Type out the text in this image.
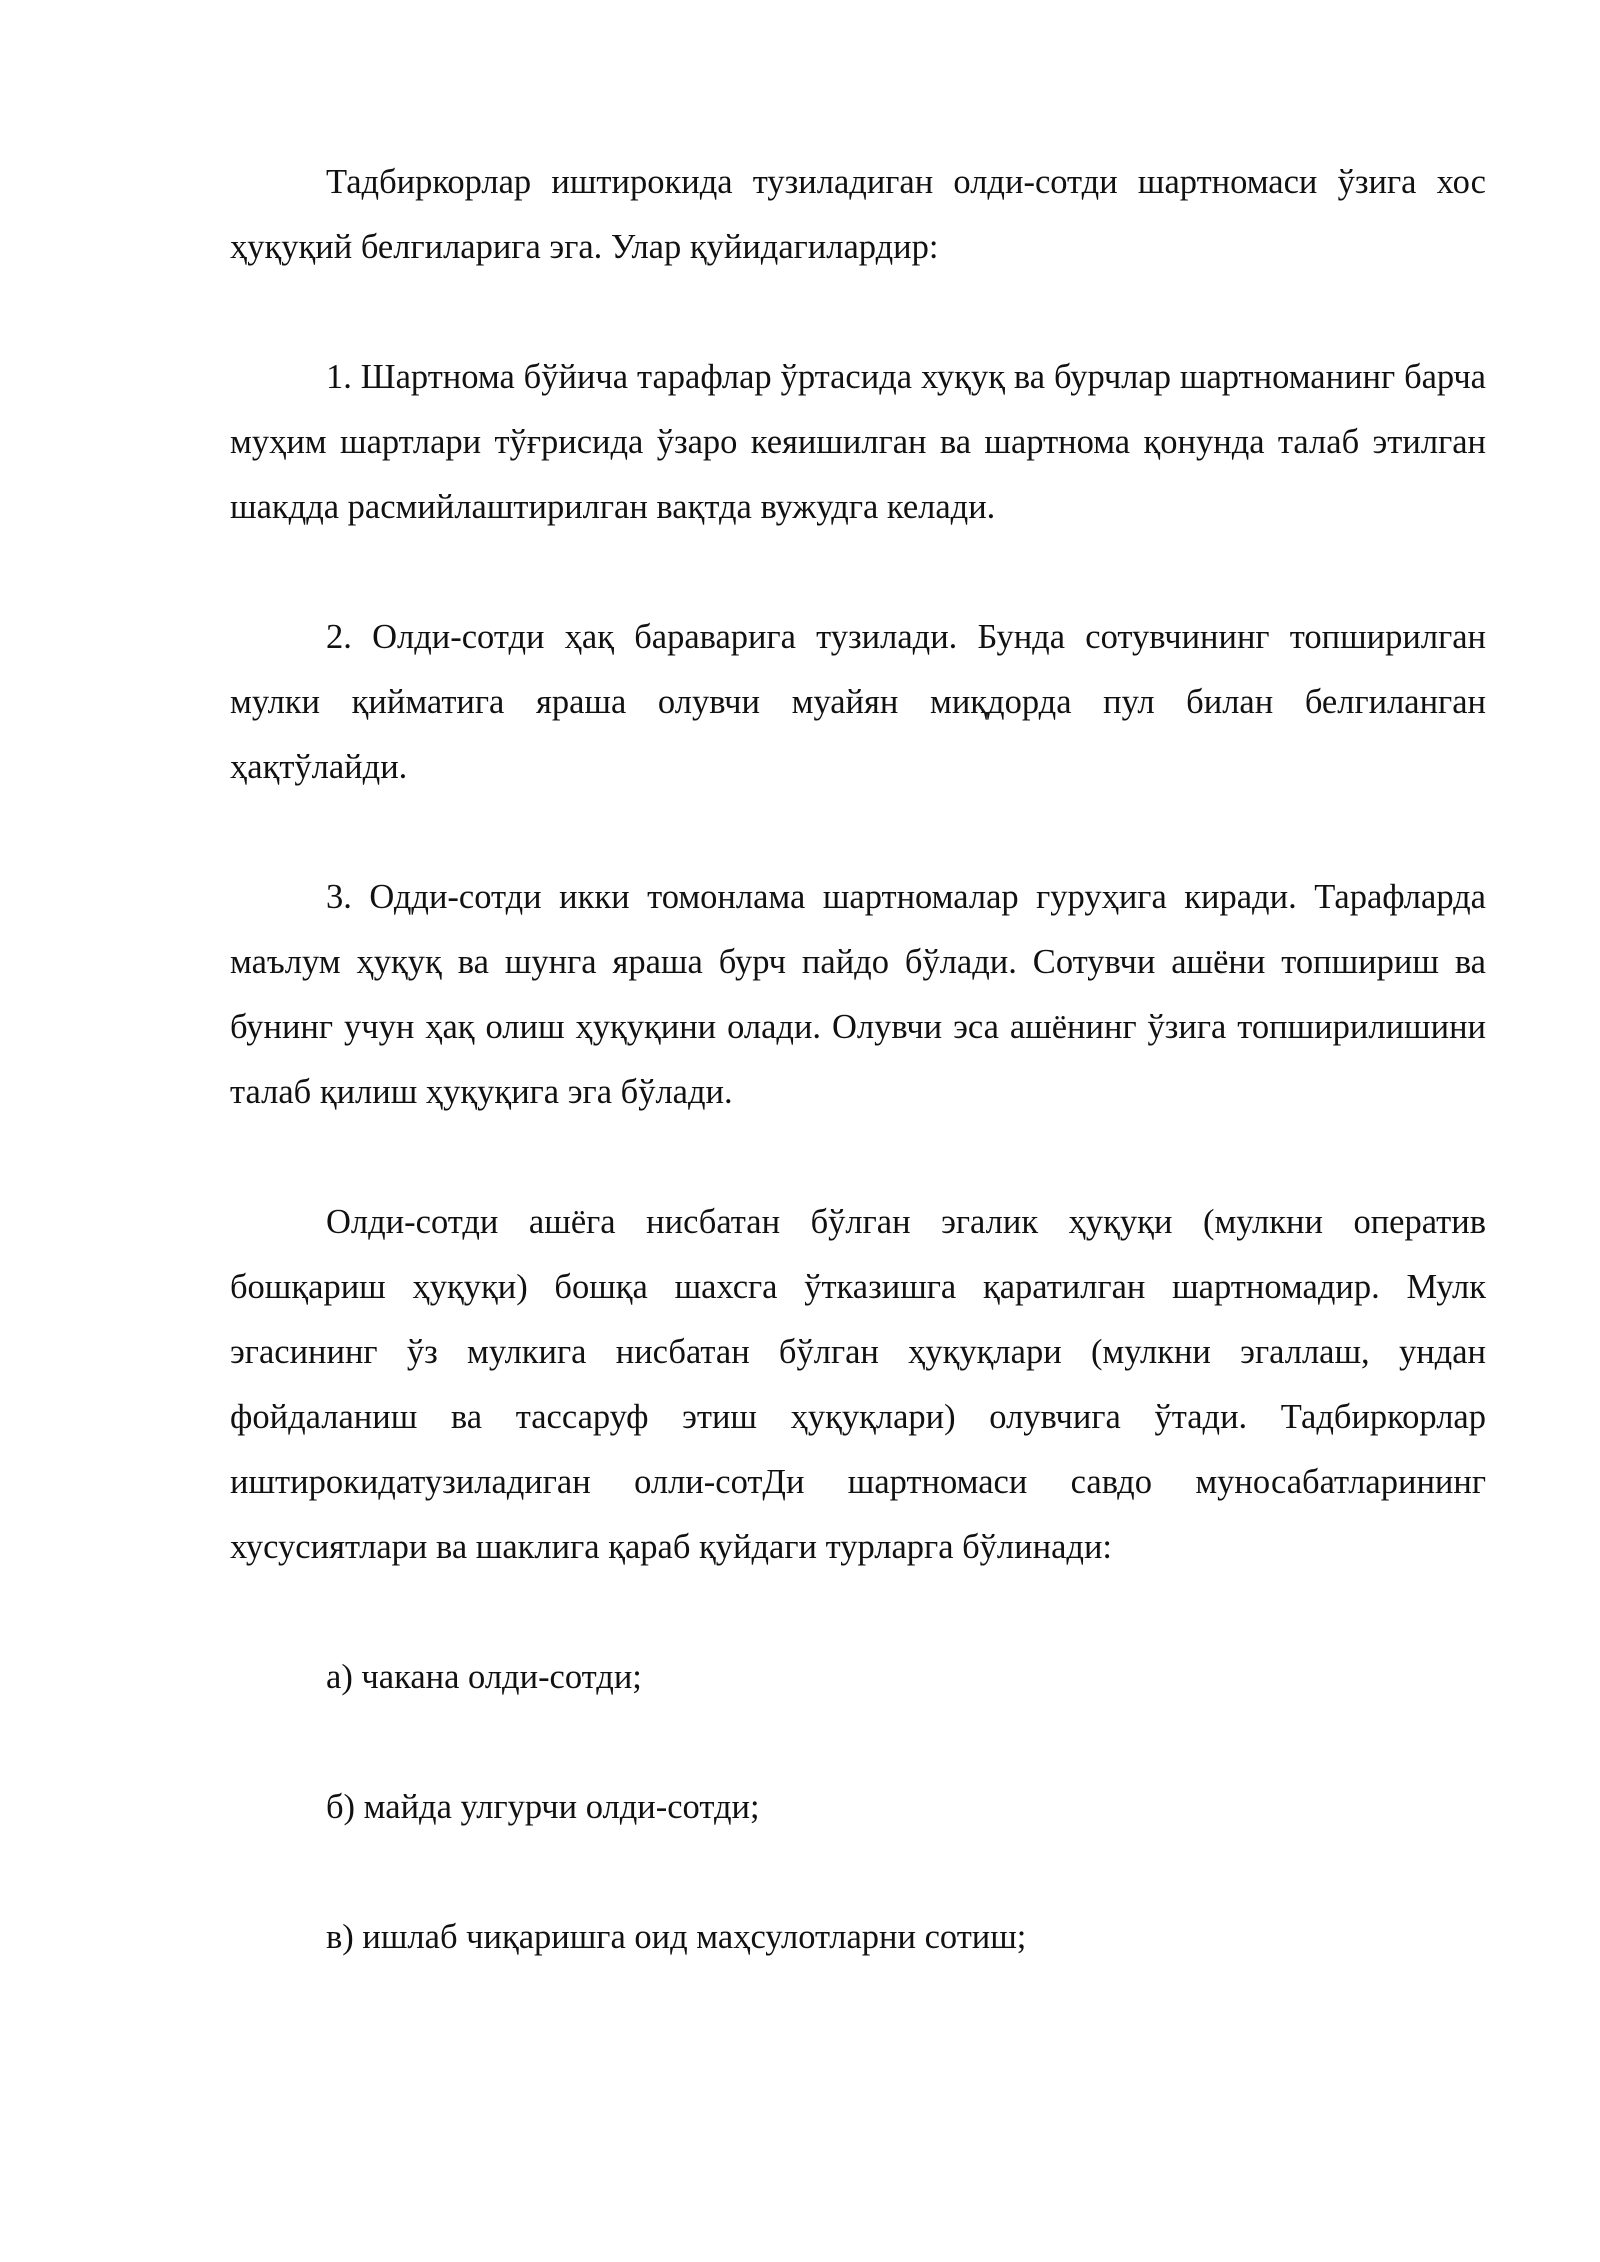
Тадбиркорлар иштирокида тузиладиган олди-сотди шартномаси ўзига хос ҳуқуқий белгиларига эга. Улар қуйидагилардир:

1. Шартнома бўйича тарафлар ўртасида хуқуқ ва бурчлар шартноманинг барча муҳим шартлари тўғрисида ўзаро кеяишилган ва шартнома қонунда талаб этилган шакдда расмийлаштирилган вақтда вужудга келади.

2. Олди-сотди ҳақ бараварига тузилади. Бунда сотувчининг топширилган мулки қийматига яраша олувчи муайян миқдорда пул билан белгиланган ҳақтўлайди.

3. Одди-сотди икки томонлама шартномалар гуруҳига киради. Тарафларда маълум ҳуқуқ ва шунга яраша бурч пайдо бўлади. Сотувчи ашёни топшириш ва бунинг учун ҳақ олиш ҳуқуқини олади. Олувчи эса ашёнинг ўзига топширилишини талаб қилиш ҳуқуқига эга бўлади.

Олди-сотди ашёга нисбатан бўлган эгалик ҳуқуқи (мулкни оператив бошқариш ҳуқуқи) бошқа шахсга ўтказишга қаратилган шартномадир. Мулк эгасининг ўз мулкига нисбатан бўлган ҳуқуқлари (мулкни эгаллаш, ундан фойдаланиш ва тассаруф этиш ҳуқуқлари) олувчига ўтади. Тадбиркорлар иштирокидатузиладиган олли-сотДи шартномаси савдо муносабатларининг хусусиятлари ва шаклига қараб қуйдаги турларга бўлинади:

а) чакана олди-сотди;

б) майда улгурчи олди-сотди;

в) ишлаб чиқаришга оид маҳсулотларни сотиш;
